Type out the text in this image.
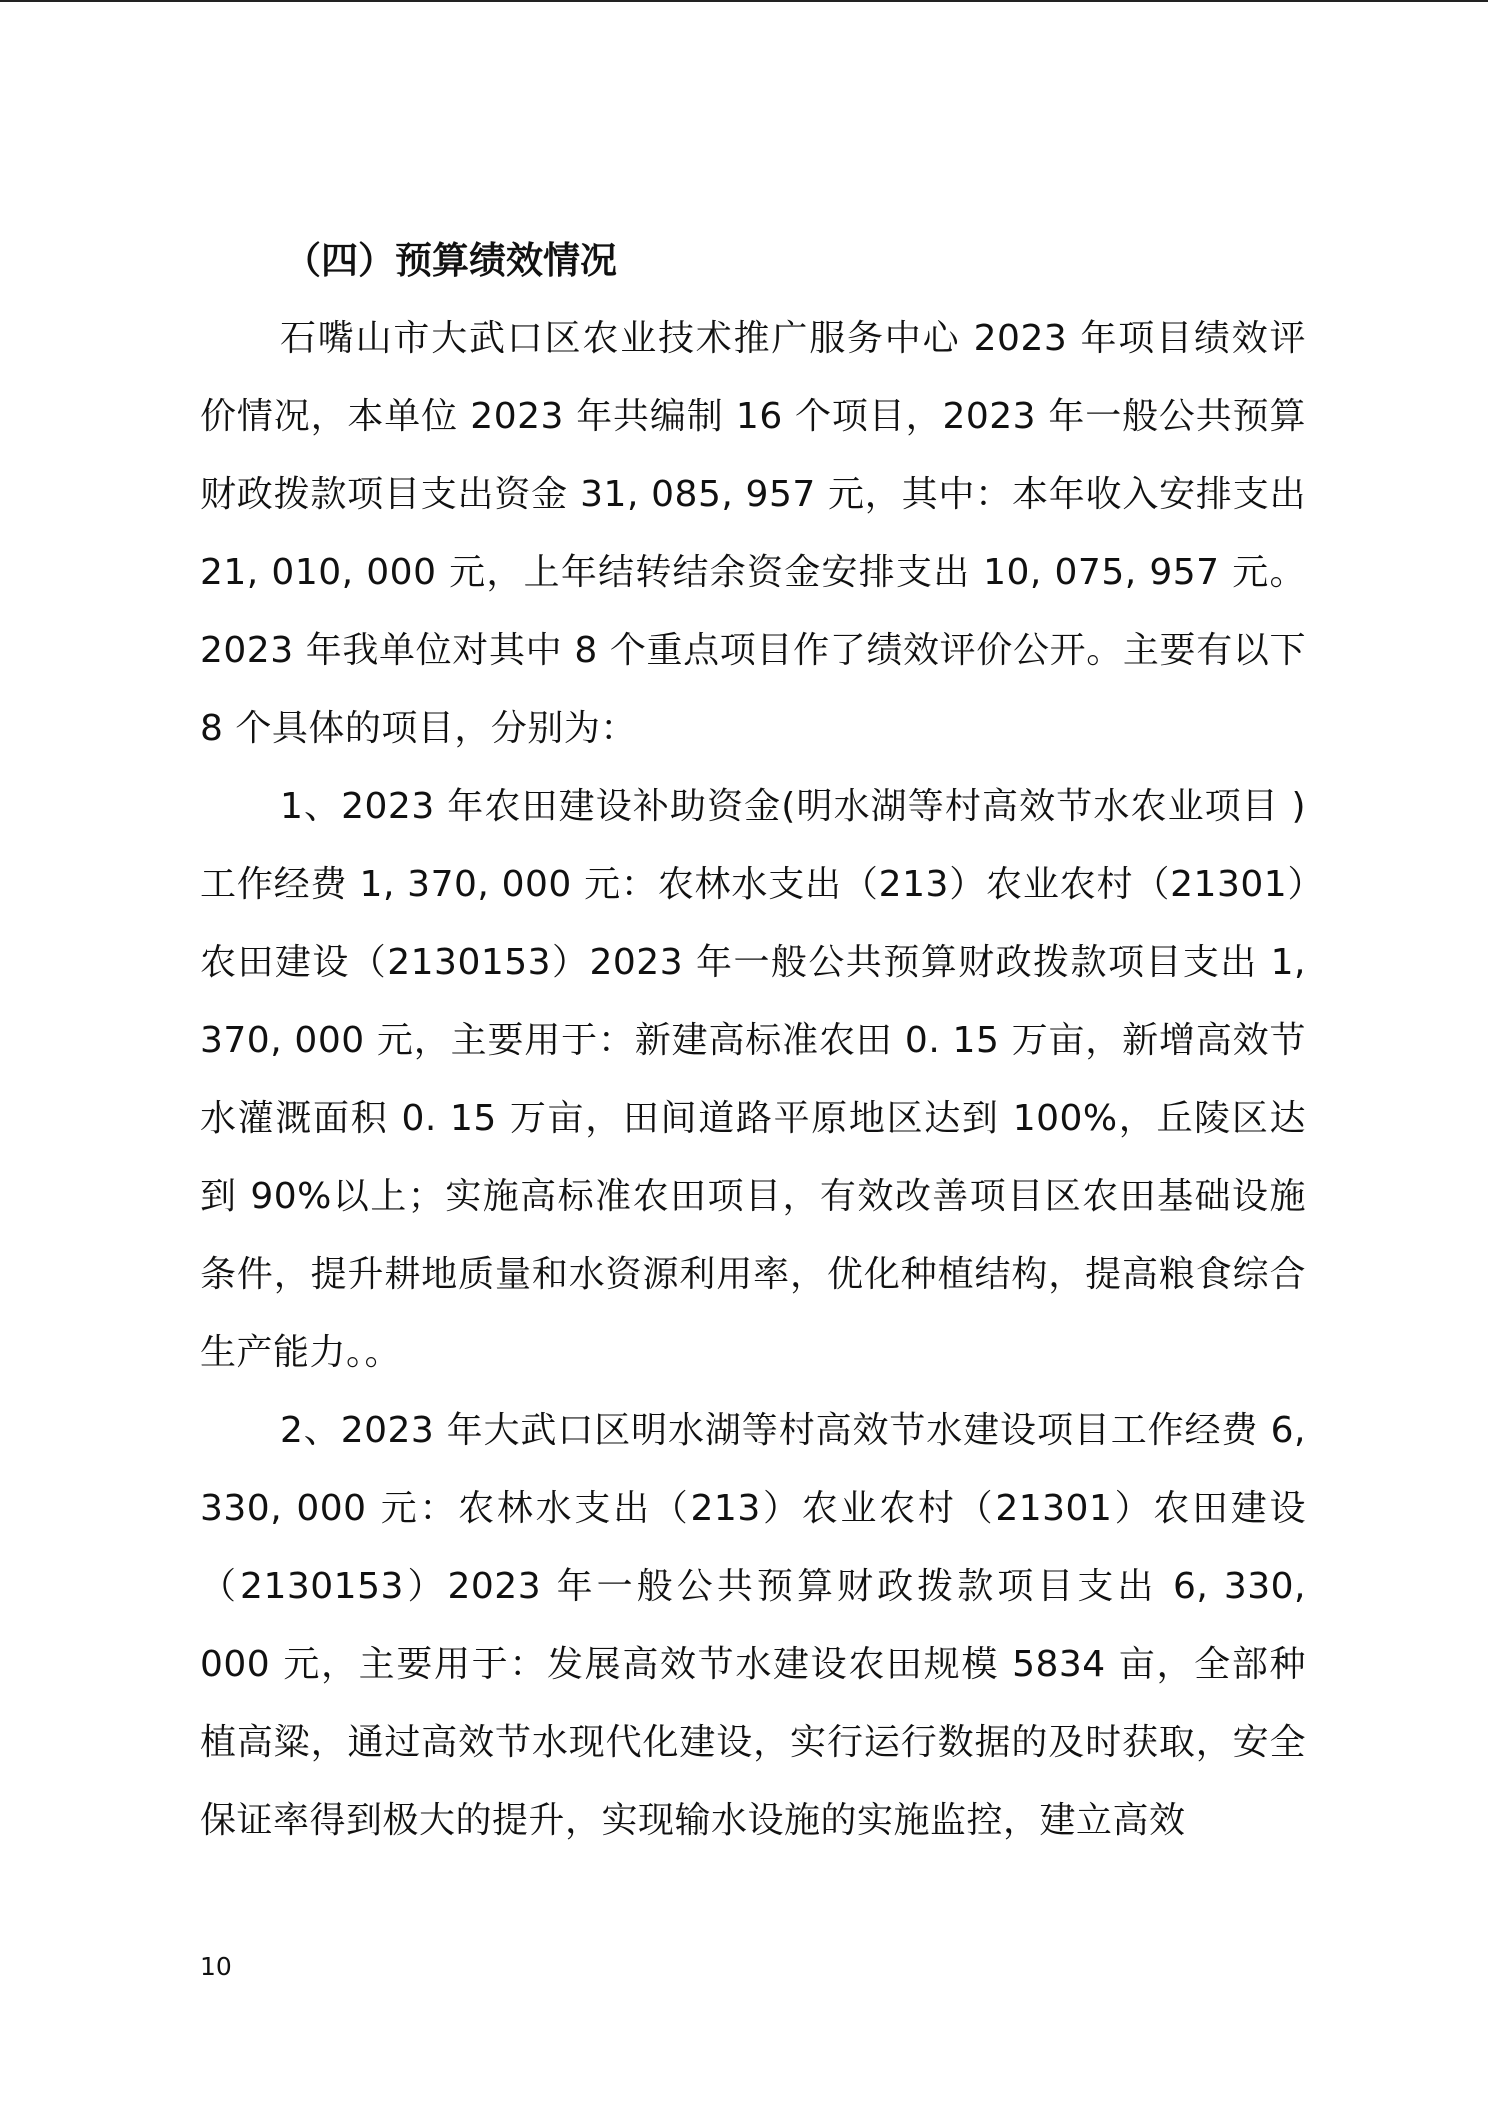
（四）预算绩效情况

石嘴山市大武口区农业技术推广服务中心 2023 年项目绩效评价情况，本单位 2023 年共编制 16 个项目，2023 年一般公共预算财政拨款项目支出资金 31, 085, 957 元，其中：本年收入安排支出 21, 010, 000 元，上年结转结余资金安排支出 10, 075, 957 元。2023 年我单位对其中 8 个重点项目作了绩效评价公开。主要有以下 8 个具体的项目，分别为：

1、2023 年农田建设补助资金(明水湖等村高效节水农业项目 )工作经费 1, 370, 000 元：农林水支出（213）农业农村（21301）农田建设（2130153）2023 年一般公共预算财政拨款项目支出 1, 370, 000 元，主要用于：新建高标准农田 0. 15 万亩，新增高效节水灌溉面积 0. 15 万亩，田间道路平原地区达到 100%，丘陵区达到 90%以上；实施高标准农田项目，有效改善项目区农田基础设施条件，提升耕地质量和水资源利用率，优化种植结构，提高粮食综合生产能力。。

2、2023 年大武口区明水湖等村高效节水建设项目工作经费 6, 330, 000 元：农林水支出（213）农业农村（21301）农田建设（2130153）2023 年一般公共预算财政拨款项目支出 6, 330, 000 元，主要用于：发展高效节水建设农田规模 5834 亩，全部种植高粱，通过高效节水现代化建设，实行运行数据的及时获取，安全保证率得到极大的提升，实现输水设施的实施监控，建立高效

10
